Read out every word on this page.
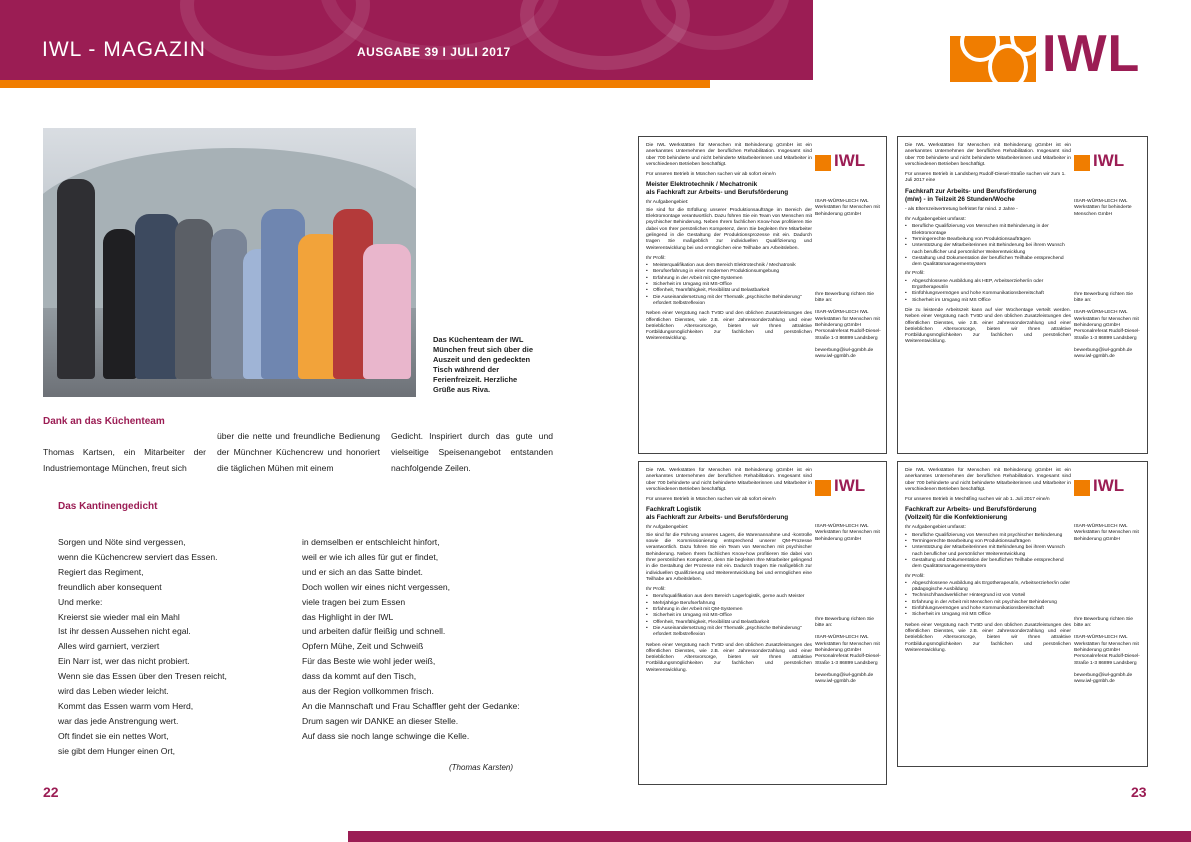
IWL - MAGAZIN	AUSGABE 39 I JULI 2017	IWL
Das Küchenteam der IWL München freut sich über die Auszeit und den gedeckten Tisch während der Ferienfreizeit. Herzliche Grüße aus Riva.
Dank an das Küchenteam
Thomas Kartsen, ein Mitarbeiter der Industriemontage München, freut sich
über die nette und freundliche Bedienung der Münchner Küchencrew und honoriert die täglichen Mühen mit einem
Gedicht. Inspiriert durch das gute und vielseitige Speisenangebot entstanden nachfolgende Zeilen.
Das Kantinengedicht
Sorgen und Nöte sind vergessen,
wenn die Küchencrew serviert das Essen.
Regiert das Regiment,
freundlich aber konsequent
Und merke:
Kreierst sie wieder mal ein Mahl
Ist ihr dessen Aussehen nicht egal.
Alles wird garniert, verziert
Ein Narr ist, wer das nicht probiert.
Wenn sie das Essen über den Tresen reicht,
wird das Leben wieder leicht.
Kommt das Essen warm vom Herd,
war das jede Anstrengung wert.
Oft findet sie ein nettes Wort,
sie gibt dem Hunger einen Ort,
in demselben er entschleicht hinfort,
weil er wie ich alles für gut er findet,
und er sich an das Satte bindet.
Doch wollen wir eines nicht vergessen,
viele tragen bei zum Essen
das Highlight in der IWL
und arbeiten dafür fleißig und schnell.
Opfern Mühe, Zeit und Schweiß
Für das Beste wie wohl jeder weiß,
dass da kommt auf den Tisch,
aus der Region vollkommen frisch.
An die Mannschaft und Frau Schaffler geht der Gedanke:
Drum sagen wir DANKE an dieser Stelle.
Auf dass sie noch lange schwinge die Kelle.
(Thomas Karsten)
22
Die IWL Werkstätten für Menschen mit Behinderung gGmbH ist ein anerkanntes Unternehmen der beruflichen Rehabilitation. Insgesamt sind über 700 behinderte und nicht behinderte Mitarbeiterinnen und Mitarbeiter in verschiedenen Betrieben beschäftigt.
Für unseren Betrieb in München suchen wir ab sofort eine/n
Meister Elektrotechnik / Mechatronik
als Fachkraft zur Arbeits- und Berufsförderung
Ihr Aufgabengebiet:
Sie sind für die Erfüllung unserer Produktionsaufträge im Bereich der Elektromontage verantwortlich. Dazu führen Sie ein Team von Menschen mit psychischer Behinderung. Neben Ihrem fachlichen Know-how profitieren Sie dabei von Ihrer persönlichen Kompetenz, denn Sie begleiten Ihre Mitarbeiter gelingend in die Gestaltung der Produktionsprozesse mit ein. Dadurch tragen Sie maßgeblich zur individuellen Qualifizierung und Weiterentwicklung bei und ermöglichen eine Teilhabe am Arbeitsleben.
Ihr Profil:
• Meisterqualifikation aus dem Bereich Elektrotechnik / Mechatronik
• Berufserfahrung in einer modernen Produktionsumgebung
• Erfahrung in der Arbeit mit QM-Systemen
• Sicherheit im Umgang mit MS-Office
• Offenheit, Teamfähigkeit, Flexibilität und Belastbarkeit
• Die Auseinandersetzung mit der Thematik „psychische Behinderung“ erfordert Selbstreflexion
Neben einer Vergütung nach TVöD und den üblichen Zusatzleistungen des öffentlichen Dienstes, wie z.B. einer Jahressonderzahlung und einer betrieblichen Altersvorsorge, bieten wir Ihnen attraktive Fortbildungsmöglichkeiten zur fachlichen und persönlichen Weiterentwicklung.
IWL
ISAR-WÜRM-LECH IWL Werkstätten für Menschen mit Behinderung gGmbH
Ihre Bewerbung richten Sie bitte an:
ISAR-WÜRM-LECH IWL Werkstätten für Menschen mit Behinderung gGmbH Personalreferat Rudolf-Diesel-Straße 1-3 86899 Landsberg
bewerbung@iwl-ggmbh.de www.iwl-ggmbh.de
Die IWL Werkstätten für Menschen mit Behinderung gGmbH ist ein anerkanntes Unternehmen der beruflichen Rehabilitation. Insgesamt sind über 700 behinderte und nicht behinderte Mitarbeiterinnen und Mitarbeiter in verschiedenen Betrieben beschäftigt.
Für unseren Betrieb in Landsberg Rudolf-Diesel-Straße suchen wir zum 1. Juli 2017 eine
Fachkraft zur Arbeits- und Berufsförderung
(m/w) - in Teilzeit 26 Stunden/Woche
- als Elternzeitvertretung befristet für mind. 2 Jahre -
Ihr Aufgabengebiet umfasst:
• Berufliche Qualifizierung von Menschen mit Behinderung in der Elektromontage
• Termingerechte Bearbeitung von Produktionsaufträgen
• Unterstützung der Mitarbeiterinnen mit Behinderung bei ihrem Wunsch nach beruflicher und persönlicher Weiterentwicklung
• Gestaltung und Dokumentation der beruflichen Teilhabe entsprechend dem Qualitätsmanagementsystem
Ihr Profil:
• Abgeschlossene Ausbildung als HEP, Arbeitserzieher/in oder Ergotherapeut/in
• Einfühlungsvermögen und hohe Kommunikationsbereitschaft
• Sicherheit im Umgang mit MS Office
Die zu leistende Arbeitszeit kann auf vier Wochentage verteilt werden. Neben einer Vergütung nach TVöD und den üblichen Zusatzleistungen des öffentlichen Dienstes, wie z.B. einer Jahressonderzahlung und einer betrieblichen Altersvorsorge, bieten wir Ihnen attraktive Fortbildungsmöglichkeiten zur fachlichen und persönlichen Weiterentwicklung.
IWL
ISAR-WÜRM-LECH IWL Werkstätten für behinderte Menschen GmbH
Ihre Bewerbung richten Sie bitte an:
ISAR-WÜRM-LECH IWL Werkstätten für Menschen mit Behinderung gGmbH Personalreferat Rudolf-Diesel-Straße 1-3 86899 Landsberg
bewerbung@iwl-ggmbh.de www.iwl-ggmbh.de
Die IWL Werkstätten für Menschen mit Behinderung gGmbH ist ein anerkanntes Unternehmen der beruflichen Rehabilitation. Insgesamt sind über 700 behinderte und nicht behinderte Mitarbeiterinnen und Mitarbeiter in verschiedenen Betrieben beschäftigt.
Für unseren Betrieb in München suchen wir ab sofort eine/n
Fachkraft Logistik
als Fachkraft zur Arbeits- und Berufsförderung
Ihr Aufgabengebiet:
Sie sind für die Führung unseres Lagers, die Warenannahme und -kontrolle sowie die Kommissionierung entsprechend unserer QM-Prozesse verantwortlich. Dazu führen Sie ein Team von Menschen mit psychischer Behinderung. Neben Ihrem fachlichen Know-how profitieren Sie dabei von Ihrer persönlichen Kompetenz, denn Sie begleiten Ihre Mitarbeiter gelingend in die Gestaltung der Prozesse mit ein. Dadurch tragen Sie maßgeblich zur individuellen Qualifizierung und Weiterentwicklung bei und ermöglichen eine Teilhabe am Arbeitsleben.
Ihr Profil:
• Berufsqualifikation aus dem Bereich Lagerlogistik, gerne auch Meister
• Mehrjährige Berufserfahrung
• Erfahrung in der Arbeit mit QM-Systemen
• Sicherheit im Umgang mit MS-Office
• Offenheit, Teamfähigkeit, Flexibilität und Belastbarkeit
• Die Auseinandersetzung mit der Thematik „psychische Behinderung“ erfordert Selbstreflexion
Neben einer Vergütung nach TVöD und den üblichen Zusatzleistungen des öffentlichen Dienstes, wie z.B. einer Jahressonderzahlung und einer betrieblichen Altersvorsorge, bieten wir Ihnen attraktive Fortbildungsmöglichkeiten zur fachlichen und persönlichen Weiterentwicklung.
IWL
ISAR-WÜRM-LECH IWL Werkstätten für Menschen mit Behinderung gGmbH
Ihre Bewerbung richten Sie bitte an:
ISAR-WÜRM-LECH IWL Werkstätten für Menschen mit Behinderung gGmbH Personalreferat Rudolf-Diesel-Straße 1-3 86899 Landsberg
bewerbung@iwl-ggmbh.de www.iwl-ggmbh.de
Die IWL Werkstätten für Menschen mit Behinderung gGmbH ist ein anerkanntes Unternehmen der beruflichen Rehabilitation. Insgesamt sind über 700 behinderte und nicht behinderte Mitarbeiterinnen und Mitarbeiter in verschiedenen Betrieben beschäftigt.
Für unseren Betrieb in Mechtifing suchen wir ab 1. Juli 2017 eine/n
Fachkraft zur Arbeits- und Berufsförderung
(Vollzeit) für die Konfektionierung
Ihr Aufgabengebiet umfasst:
• Berufliche Qualifizierung von Menschen mit psychischer Behinderung
• Termingerechte Bearbeitung von Produktionsaufträgen
• Unterstützung der Mitarbeiterinnen mit Behinderung bei ihrem Wunsch nach beruflicher und persönlicher Weiterentwicklung
• Gestaltung und Dokumentation der beruflichen Teilhabe entsprechend dem Qualitätsmanagementsystem
Ihr Profil:
• Abgeschlossene Ausbildung als Ergotherapeut/in, Arbeitserzieher/in oder pädagogische Ausbildung
• Technisch/handwerklicher Hintergrund ist von Vorteil
• Erfahrung in der Arbeit mit Menschen mit psychischer Behinderung
• Einfühlungsvermögen und hohe Kommunikationsbereitschaft
• Sicherheit im Umgang mit MS Office
Neben einer Vergütung nach TVöD und den üblichen Zusatzleistungen des öffentlichen Dienstes, wie z.B. einer Jahressonderzahlung und einer betrieblichen Altersvorsorge, bieten wir Ihnen attraktive Fortbildungsmöglichkeiten zur fachlichen und persönlichen Weiterentwicklung.
IWL
ISAR-WÜRM-LECH IWL Werkstätten für Menschen mit Behinderung gGmbH
Ihre Bewerbung richten Sie bitte an:
ISAR-WÜRM-LECH IWL Werkstätten für Menschen mit Behinderung gGmbH Personalreferat Rudolf-Diesel-Straße 1-3 86899 Landsberg
bewerbung@iwl-ggmbh.de www.iwl-ggmbh.de
23
